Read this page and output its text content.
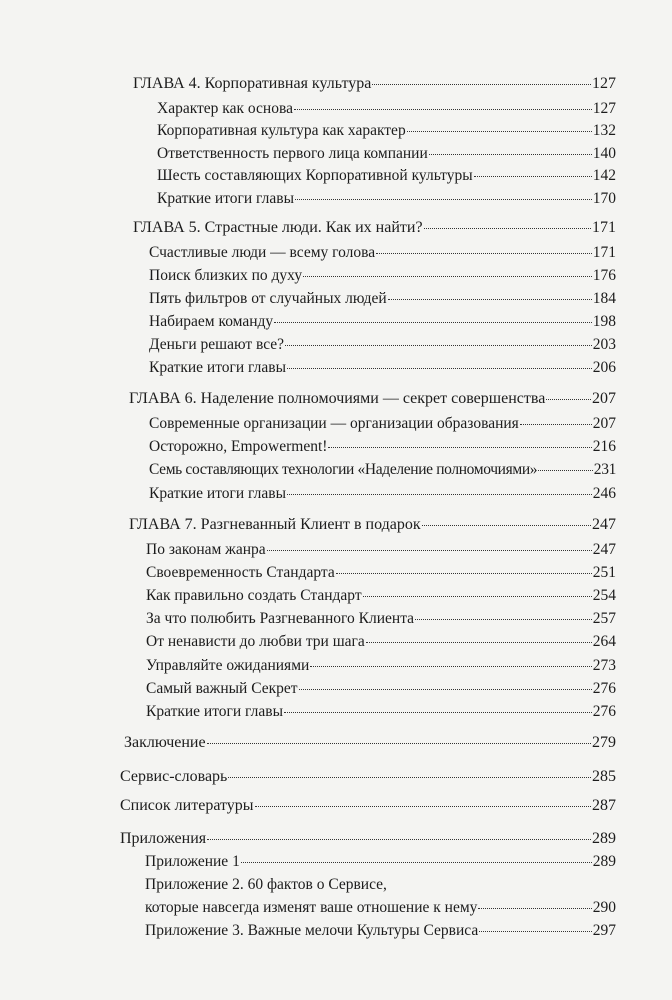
ГЛАВА 4. Корпоративная культура	127
Характер как основа	127
Корпоративная культура как характер	132
Ответственность первого лица компании	140
Шесть составляющих Корпоративной культуры	142
Краткие итоги главы	170
ГЛАВА 5. Страстные люди. Как их найти?	171
Счастливые люди — всему голова	171
Поиск близких по духу	176
Пять фильтров от случайных людей	184
Набираем команду	198
Деньги решают все?	203
Краткие итоги главы	206
ГЛАВА 6. Наделение полномочиями — секрет совершенства	207
Современные организации — организации образования	207
Осторожно, Empowerment!	216
Семь составляющих технологии «Наделение полномочиями»	231
Краткие итоги главы	246
ГЛАВА 7. Разгневанный Клиент в подарок	247
По законам жанра	247
Своевременность Стандарта	251
Как правильно создать Стандарт	254
За что полюбить Разгневанного Клиента	257
От ненависти до любви три шага	264
Управляйте ожиданиями	273
Самый важный Секрет	276
Краткие итоги главы	276
Заключение	279
Сервис-словарь	285
Список литературы	287
Приложения	289
Приложение 1	289
Приложение 2. 60 фактов о Сервисе,
которые навсегда изменят ваше отношение к нему	290
Приложение 3. Важные мелочи Культуры Сервиса	297
